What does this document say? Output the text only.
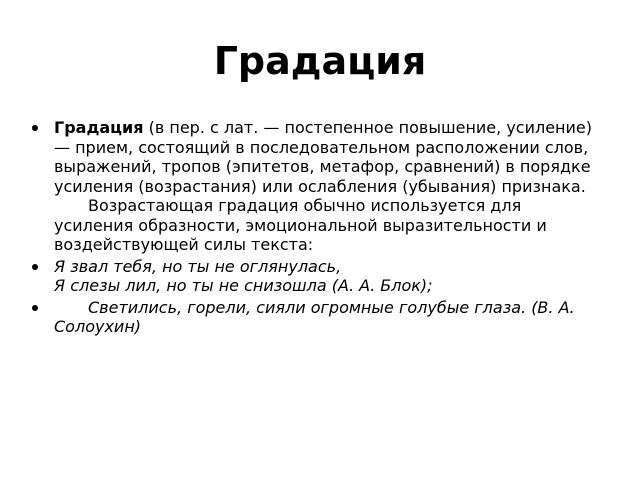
Градация
Градация (в пер. с лат. — постепенное повышение, усиление) — прием, состоящий в последовательном расположении слов, выражений, тропов (эпитетов, метафор, сравнений) в порядке усиления (возрастания) или ослабления (убывания) признака.
Возрастающая градация обычно используется для усиления образности, эмоциональной выразительности и воздействующей силы текста:
Я звал тебя, но ты не оглянулась,
Я слезы лил, но ты не снизошла (А. А. Блок);
Светились, горели, сияли огромные голубые глаза. (В. А. Солоухин)
